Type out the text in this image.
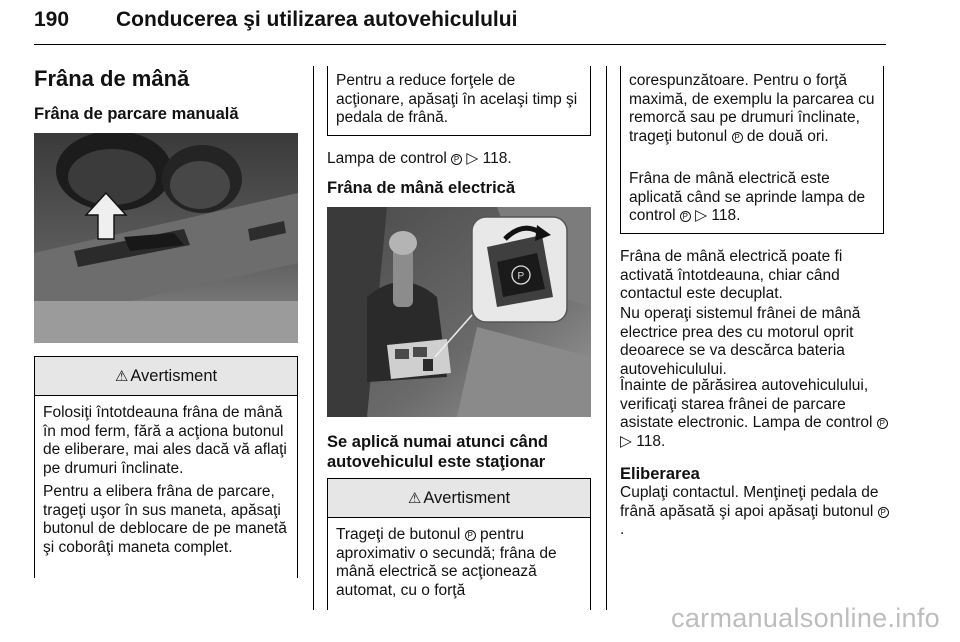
190 Conducerea şi utilizarea autovehiculului
Frâna de mână
Frâna de parcare manuală
⚠ Avertisment

Folosiţi întotdeauna frâna de mână în mod ferm, fără a acţiona butonul de eliberare, mai ales dacă vă aflaţi pe drumuri înclinate.

Pentru a elibera frâna de parcare, trageţi uşor în sus maneta, apăsaţi butonul de deblocare de pe manetă şi coborâţi maneta complet.

Pentru a reduce forţele de acţionare, apăsaţi în acelaşi timp şi pedala de frână.

Lampa de control P ▷ 118.

Frâna de mână electrică
P
Se aplică numai atunci când autovehiculul este staţionar
⚠ Avertisment

Trageţi de butonul P pentru aproximativ o secundă; frâna de mână electrică se acţionează automat, cu o forţă

corespunzătoare. Pentru o forţă maximă, de exemplu la parcarea cu remorcă sau pe drumuri înclinate, trageţi butonul P de două ori.

Frâna de mână electrică este aplicată când se aprinde lampa de control P ▷ 118.

Frâna de mână electrică poate fi activată întotdeauna, chiar când contactul este decuplat.

Nu operaţi sistemul frânei de mână electrice prea des cu motorul oprit deoarece se va descărca bateria autovehiculului.

Înainte de părăsirea autovehiculului, verificaţi starea frânei de parcare asistate electronic. Lampa de control P ▷ 118.

Eliberarea

Cuplaţi contactul. Menţineţi pedala de frână apăsată şi apoi apăsaţi butonul P.

carmanualsonline.info
